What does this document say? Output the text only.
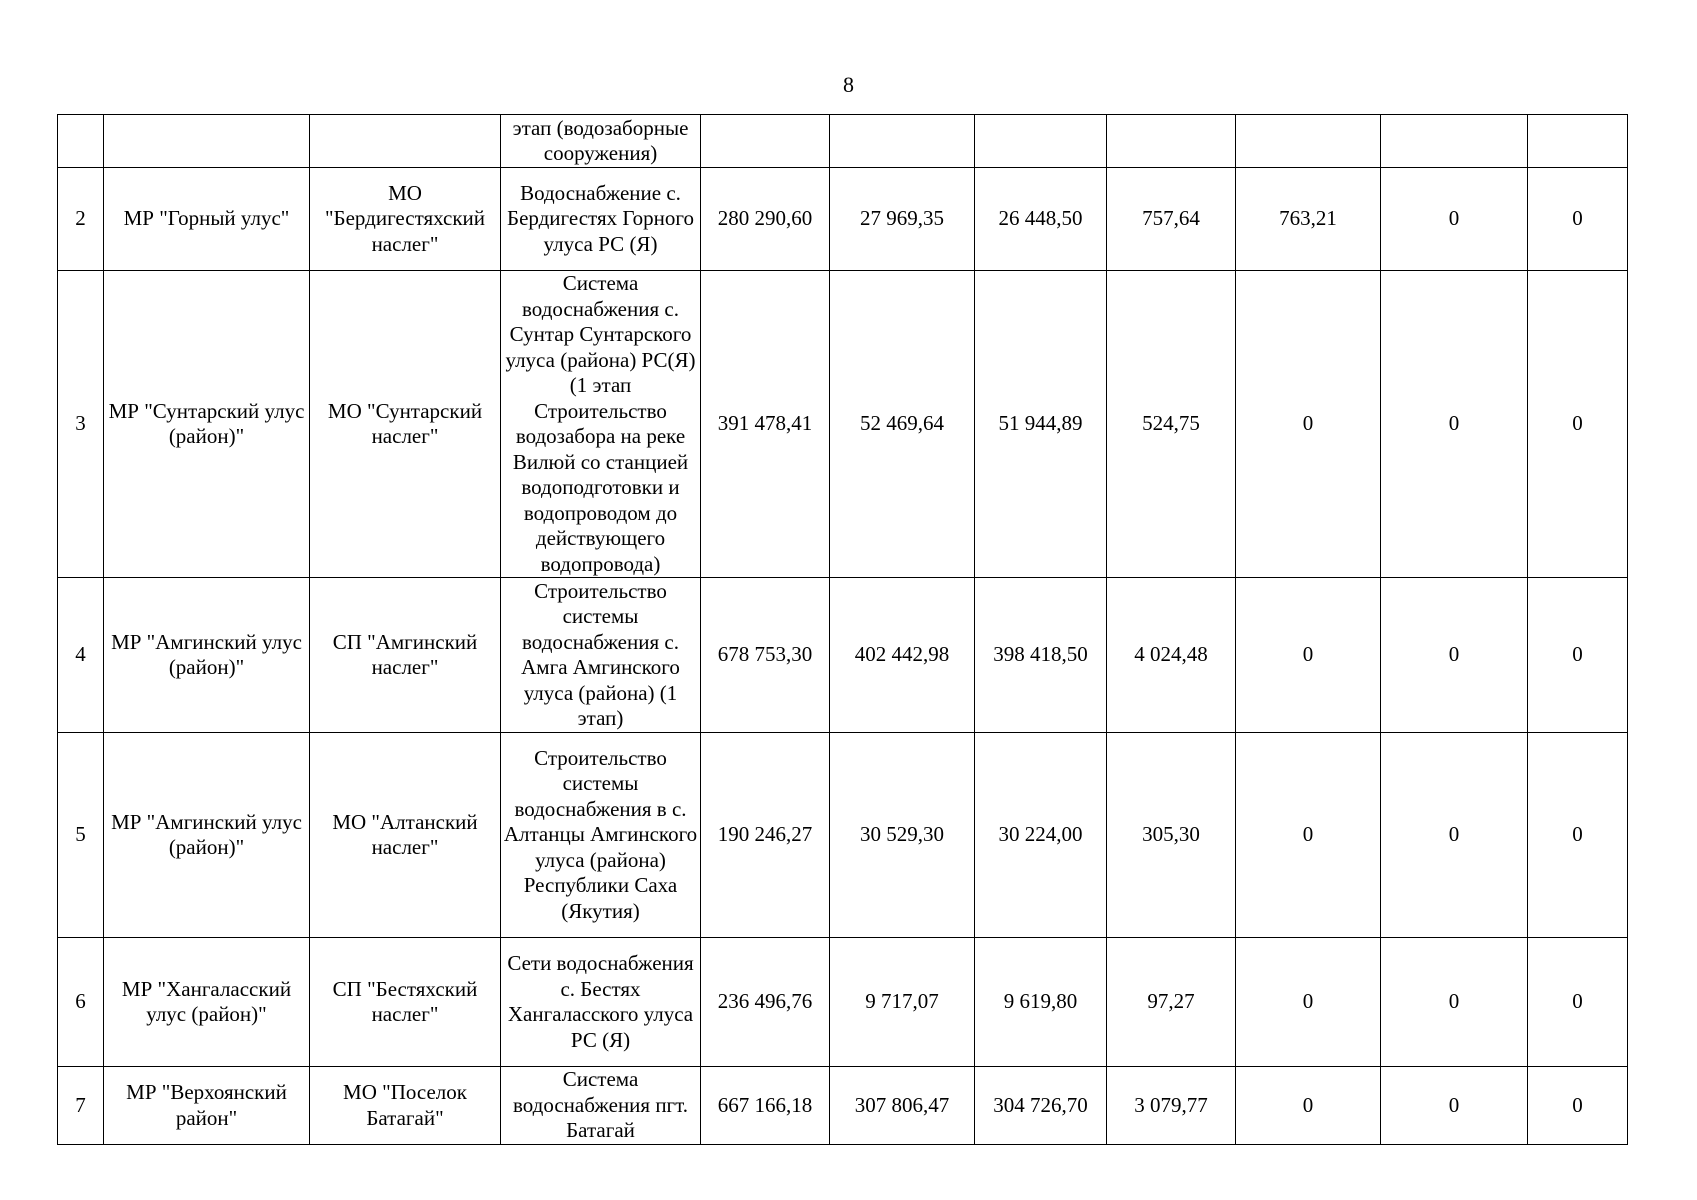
8
			этап (водозаборные сооружения)							
2	МР "Горный улус"	МО "Бердигестяхский наслег"	Водоснабжение с. Бердигестях Горного улуса РС (Я)	280 290,60	27 969,35	26 448,50	757,64	763,21	0	0
3	МР "Сунтарский улус (район)"	МО "Сунтарский наслег"	Система водоснабжения с. Сунтар Сунтарского улуса (района) РС(Я) (1 этап Строительство водозабора на реке Вилюй со станцией водоподготовки и водопроводом до действующего водопровода)	391 478,41	52 469,64	51 944,89	524,75	0	0	0
4	МР "Амгинский улус (район)"	СП "Амгинский наслег"	Строительство системы водоснабжения с. Амга Амгинского улуса (района) (1 этап)	678 753,30	402 442,98	398 418,50	4 024,48	0	0	0
5	МР "Амгинский улус (район)"	МО "Алтанский наслег"	Строительство системы водоснабжения в с. Алтанцы Амгинского улуса (района) Республики Саха (Якутия)	190 246,27	30 529,30	30 224,00	305,30	0	0	0
6	МР "Хангаласский улус (район)"	СП "Бестяхский наслег"	Сети водоснабжения с. Бестях Хангаласского улуса РС (Я)	236 496,76	9 717,07	9 619,80	97,27	0	0	0
7	МР "Верхоянский район"	МО "Поселок Батагай"	Система водоснабжения пгт. Батагай	667 166,18	307 806,47	304 726,70	3 079,77	0	0	0
